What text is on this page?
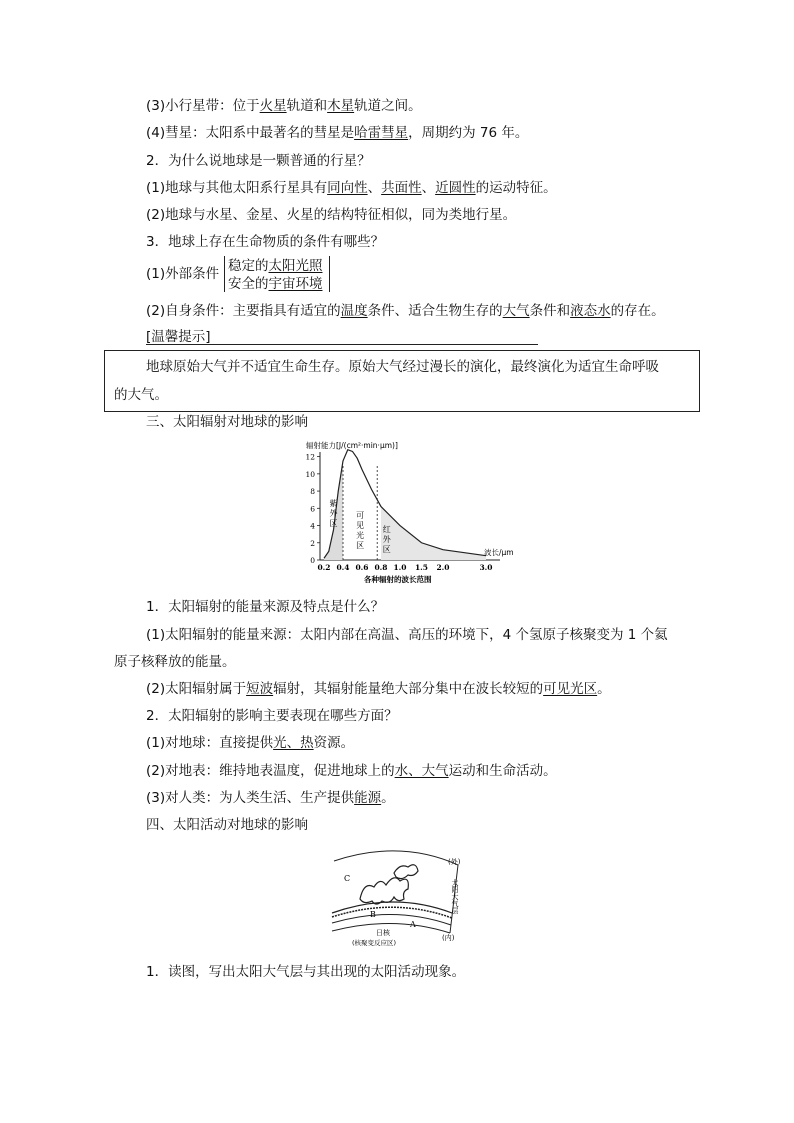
(3)小行星带：位于火星轨道和木星轨道之间。
(4)彗星：太阳系中最著名的彗星是哈雷彗星，周期约为 76 年。
2．为什么说地球是一颗普通的行星？
(1)地球与其他太阳系行星具有同向性、共面性、近圆性的运动特征。
(2)地球与水星、金星、火星的结构特征相似，同为类地行星。
3．地球上存在生命物质的条件有哪些？
(1)外部条件 稳定的太阳光照
安全的宇宙环境
(2)自身条件：主要指具有适宜的温度条件、适合生物生存的大气条件和液态水的存在。
[温馨提示]
地球原始大气并不适宜生命生存。原始大气经过漫长的演化，最终演化为适宜生命呼吸
的大气。
三、太阳辐射对地球的影响
辐射能力[J/(cm²·min·μm)]
0
2
4
6
8
10
12
0.2 0.4 0.6 0.8 1.0 1.5 2.0	3.0
紫
外
区
可
见
光
区
红
外
区	波长/μm
各种辐射的波长范围
1．太阳辐射的能量来源及特点是什么？
(1)太阳辐射的能量来源：太阳内部在高温、高压的环境下，4 个氢原子核聚变为 1 个氦
原子核释放的能量。
(2)太阳辐射属于短波辐射，其辐射能量绝大部分集中在波长较短的可见光区。
2．太阳辐射的影响主要表现在哪些方面？
(1)对地球：直接提供光、热资源。
(2)对地表：维持地表温度，促进地球上的水、大气运动和生命活动。
(3)对人类：为人类生活、生产提供能源。
四、太阳活动对地球的影响
C
B
A
(外)
(内)
太阳大气层
日核
(核聚变反应区)
1．读图，写出太阳大气层与其出现的太阳活动现象。
